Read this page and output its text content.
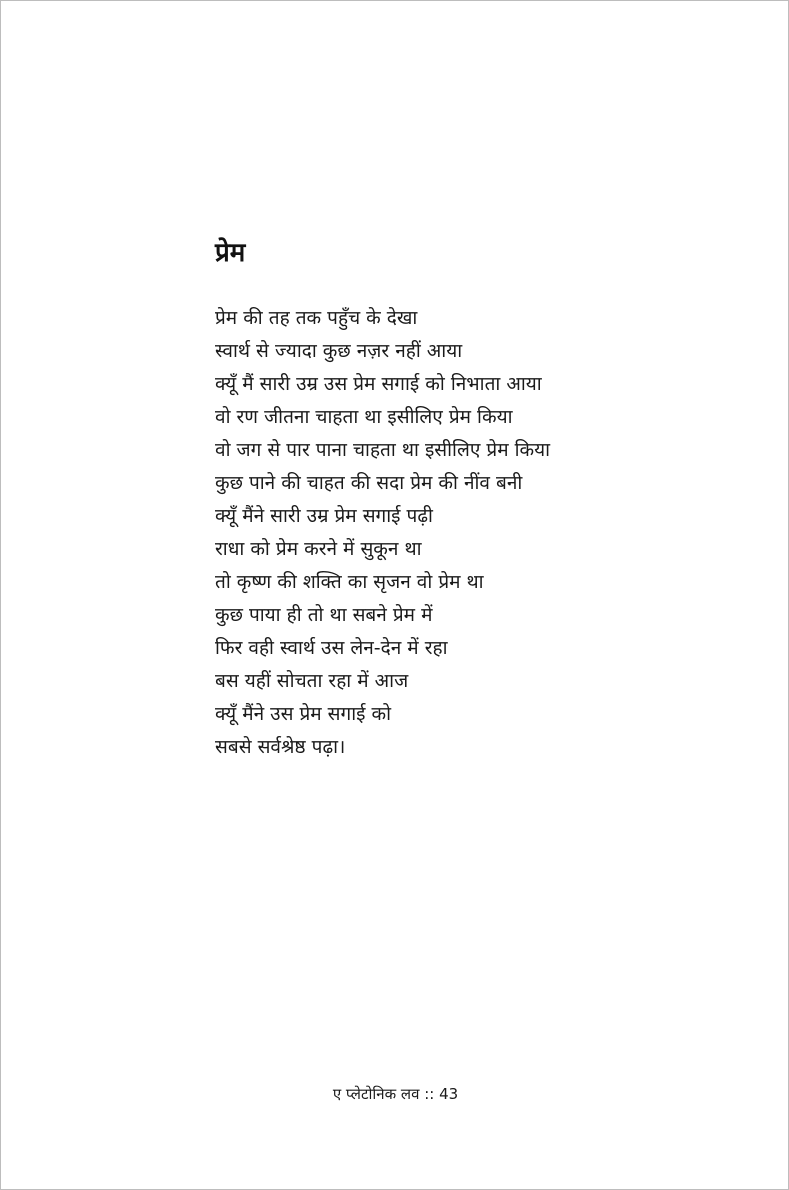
प्रेम
प्रेम की तह तक पहुँच के देखा
स्वार्थ से ज्यादा कुछ नज़र नहीं आया
क्यूँ मैं सारी उम्र उस प्रेम सगाई को निभाता आया
वो रण जीतना चाहता था इसीलिए प्रेम किया
वो जग से पार पाना चाहता था इसीलिए प्रेम किया
कुछ पाने की चाहत की सदा प्रेम की नींव बनी
क्यूँ मैंने सारी उम्र प्रेम सगाई पढ़ी
राधा को प्रेम करने में सुकून था
तो कृष्ण की शक्ति का सृजन वो प्रेम था
कुछ पाया ही तो था सबने प्रेम में
फिर वही स्वार्थ उस लेन-देन में रहा
बस यहीं सोचता रहा में आज
क्यूँ मैंने उस प्रेम सगाई को
सबसे सर्वश्रेष्ठ पढ़ा।
ए प्लेटोनिक लव :: 43
